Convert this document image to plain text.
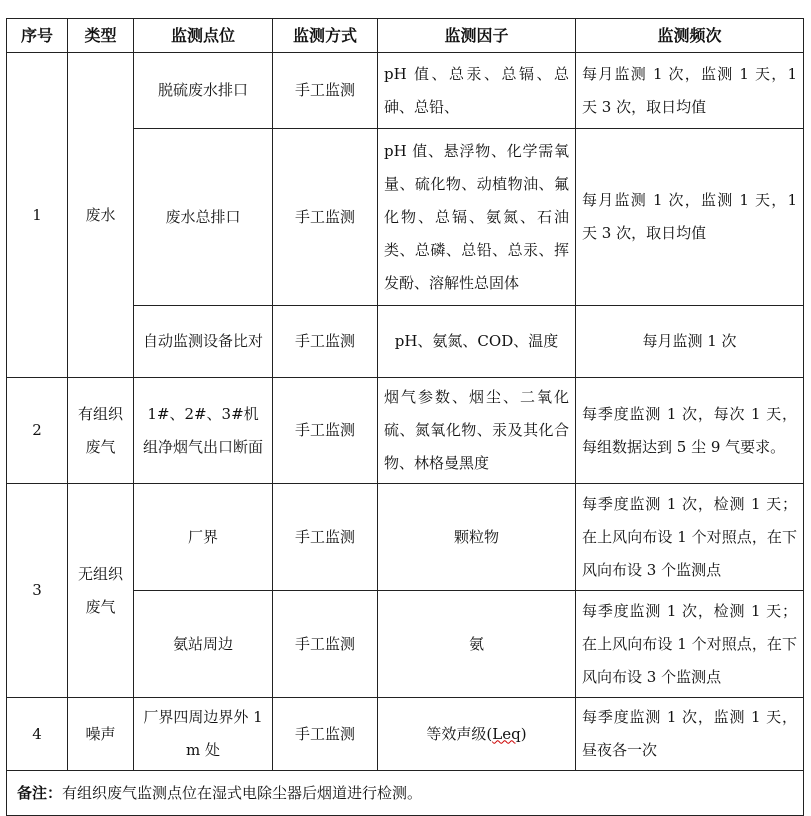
序号	类型	监测点位	监测方式	监测因子	监测频次
1	废水	脱硫废水排口	手工监测	pH 值、总汞、总镉、总砷、总铅、	每月监测 1 次，监测 1 天，1 天 3 次，取日均值
		废水总排口	手工监测	pH 值、悬浮物、化学需氧量、硫化物、动植物油、氟化物、总镉、氨氮、石油类、总磷、总铅、总汞、挥发酚、溶解性总固体	每月监测 1 次，监测 1 天，1 天 3 次，取日均值
		自动监测设备比对	手工监测	pH、氨氮、COD、温度	每月监测 1 次
2	有组织废气	1#、2#、3#机组净烟气出口断面	手工监测	烟气参数、烟尘、二氧化硫、氮氧化物、汞及其化合物、林格曼黑度	每季度监测 1 次，每次 1 天，每组数据达到 5 尘 9 气要求。
3	无组织废气	厂界	手工监测	颗粒物	每季度监测 1 次，检测 1 天；在上风向布设 1 个对照点，在下风向布设 3 个监测点
		氨站周边	手工监测	氨	每季度监测 1 次，检测 1 天；在上风向布设 1 个对照点，在下风向布设 3 个监测点
4	噪声	厂界四周边界外 1m 处	手工监测	等效声级(Leq)	每季度监测 1 次，监测 1 天，昼夜各一次
备注：有组织废气监测点位在湿式电除尘器后烟道进行检测。					
